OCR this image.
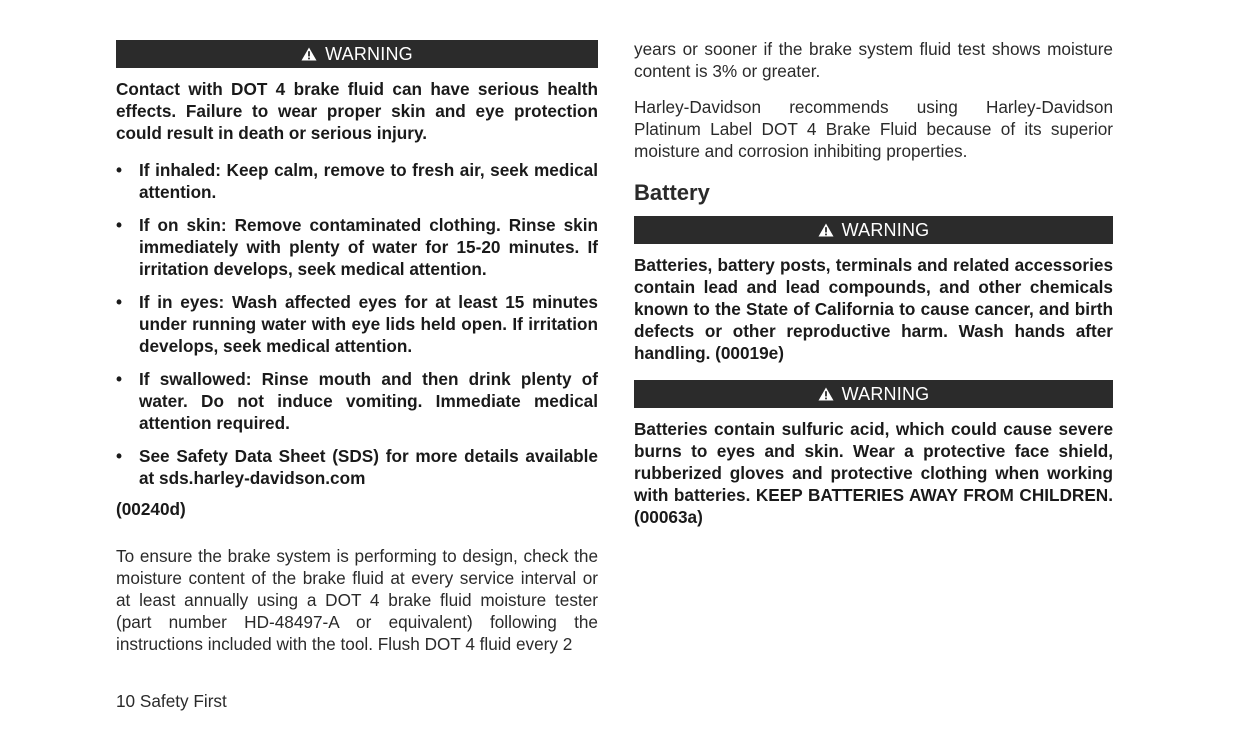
WARNING

Contact with DOT 4 brake fluid can have serious health effects. Failure to wear proper skin and eye protection could result in death or serious injury.

• If inhaled: Keep calm, remove to fresh air, seek medical attention.
• If on skin: Remove contaminated clothing. Rinse skin immediately with plenty of water for 15-20 minutes. If irritation develops, seek medical attention.
• If in eyes: Wash affected eyes for at least 15 minutes under running water with eye lids held open. If irritation develops, seek medical attention.
• If swallowed: Rinse mouth and then drink plenty of water. Do not induce vomiting. Immediate medical attention required.
• See Safety Data Sheet (SDS) for more details available at sds.harley-davidson.com

(00240d)

To ensure the brake system is performing to design, check the moisture content of the brake fluid at every service interval or at least annually using a DOT 4 brake fluid moisture tester (part number HD-48497-A or equivalent) following the instructions included with the tool. Flush DOT 4 fluid every 2

years or sooner if the brake system fluid test shows moisture content is 3% or greater.

Harley-Davidson recommends using Harley-Davidson Platinum Label DOT 4 Brake Fluid because of its superior moisture and corrosion inhibiting properties.

Battery
WARNING

Batteries, battery posts, terminals and related accessories contain lead and lead compounds, and other chemicals known to the State of California to cause cancer, and birth defects or other reproductive harm. Wash hands after handling. (00019e)

WARNING

Batteries contain sulfuric acid, which could cause severe burns to eyes and skin. Wear a protective face shield, rubberized gloves and protective clothing when working with batteries. KEEP BATTERIES AWAY FROM CHILDREN. (00063a)

10 Safety First
